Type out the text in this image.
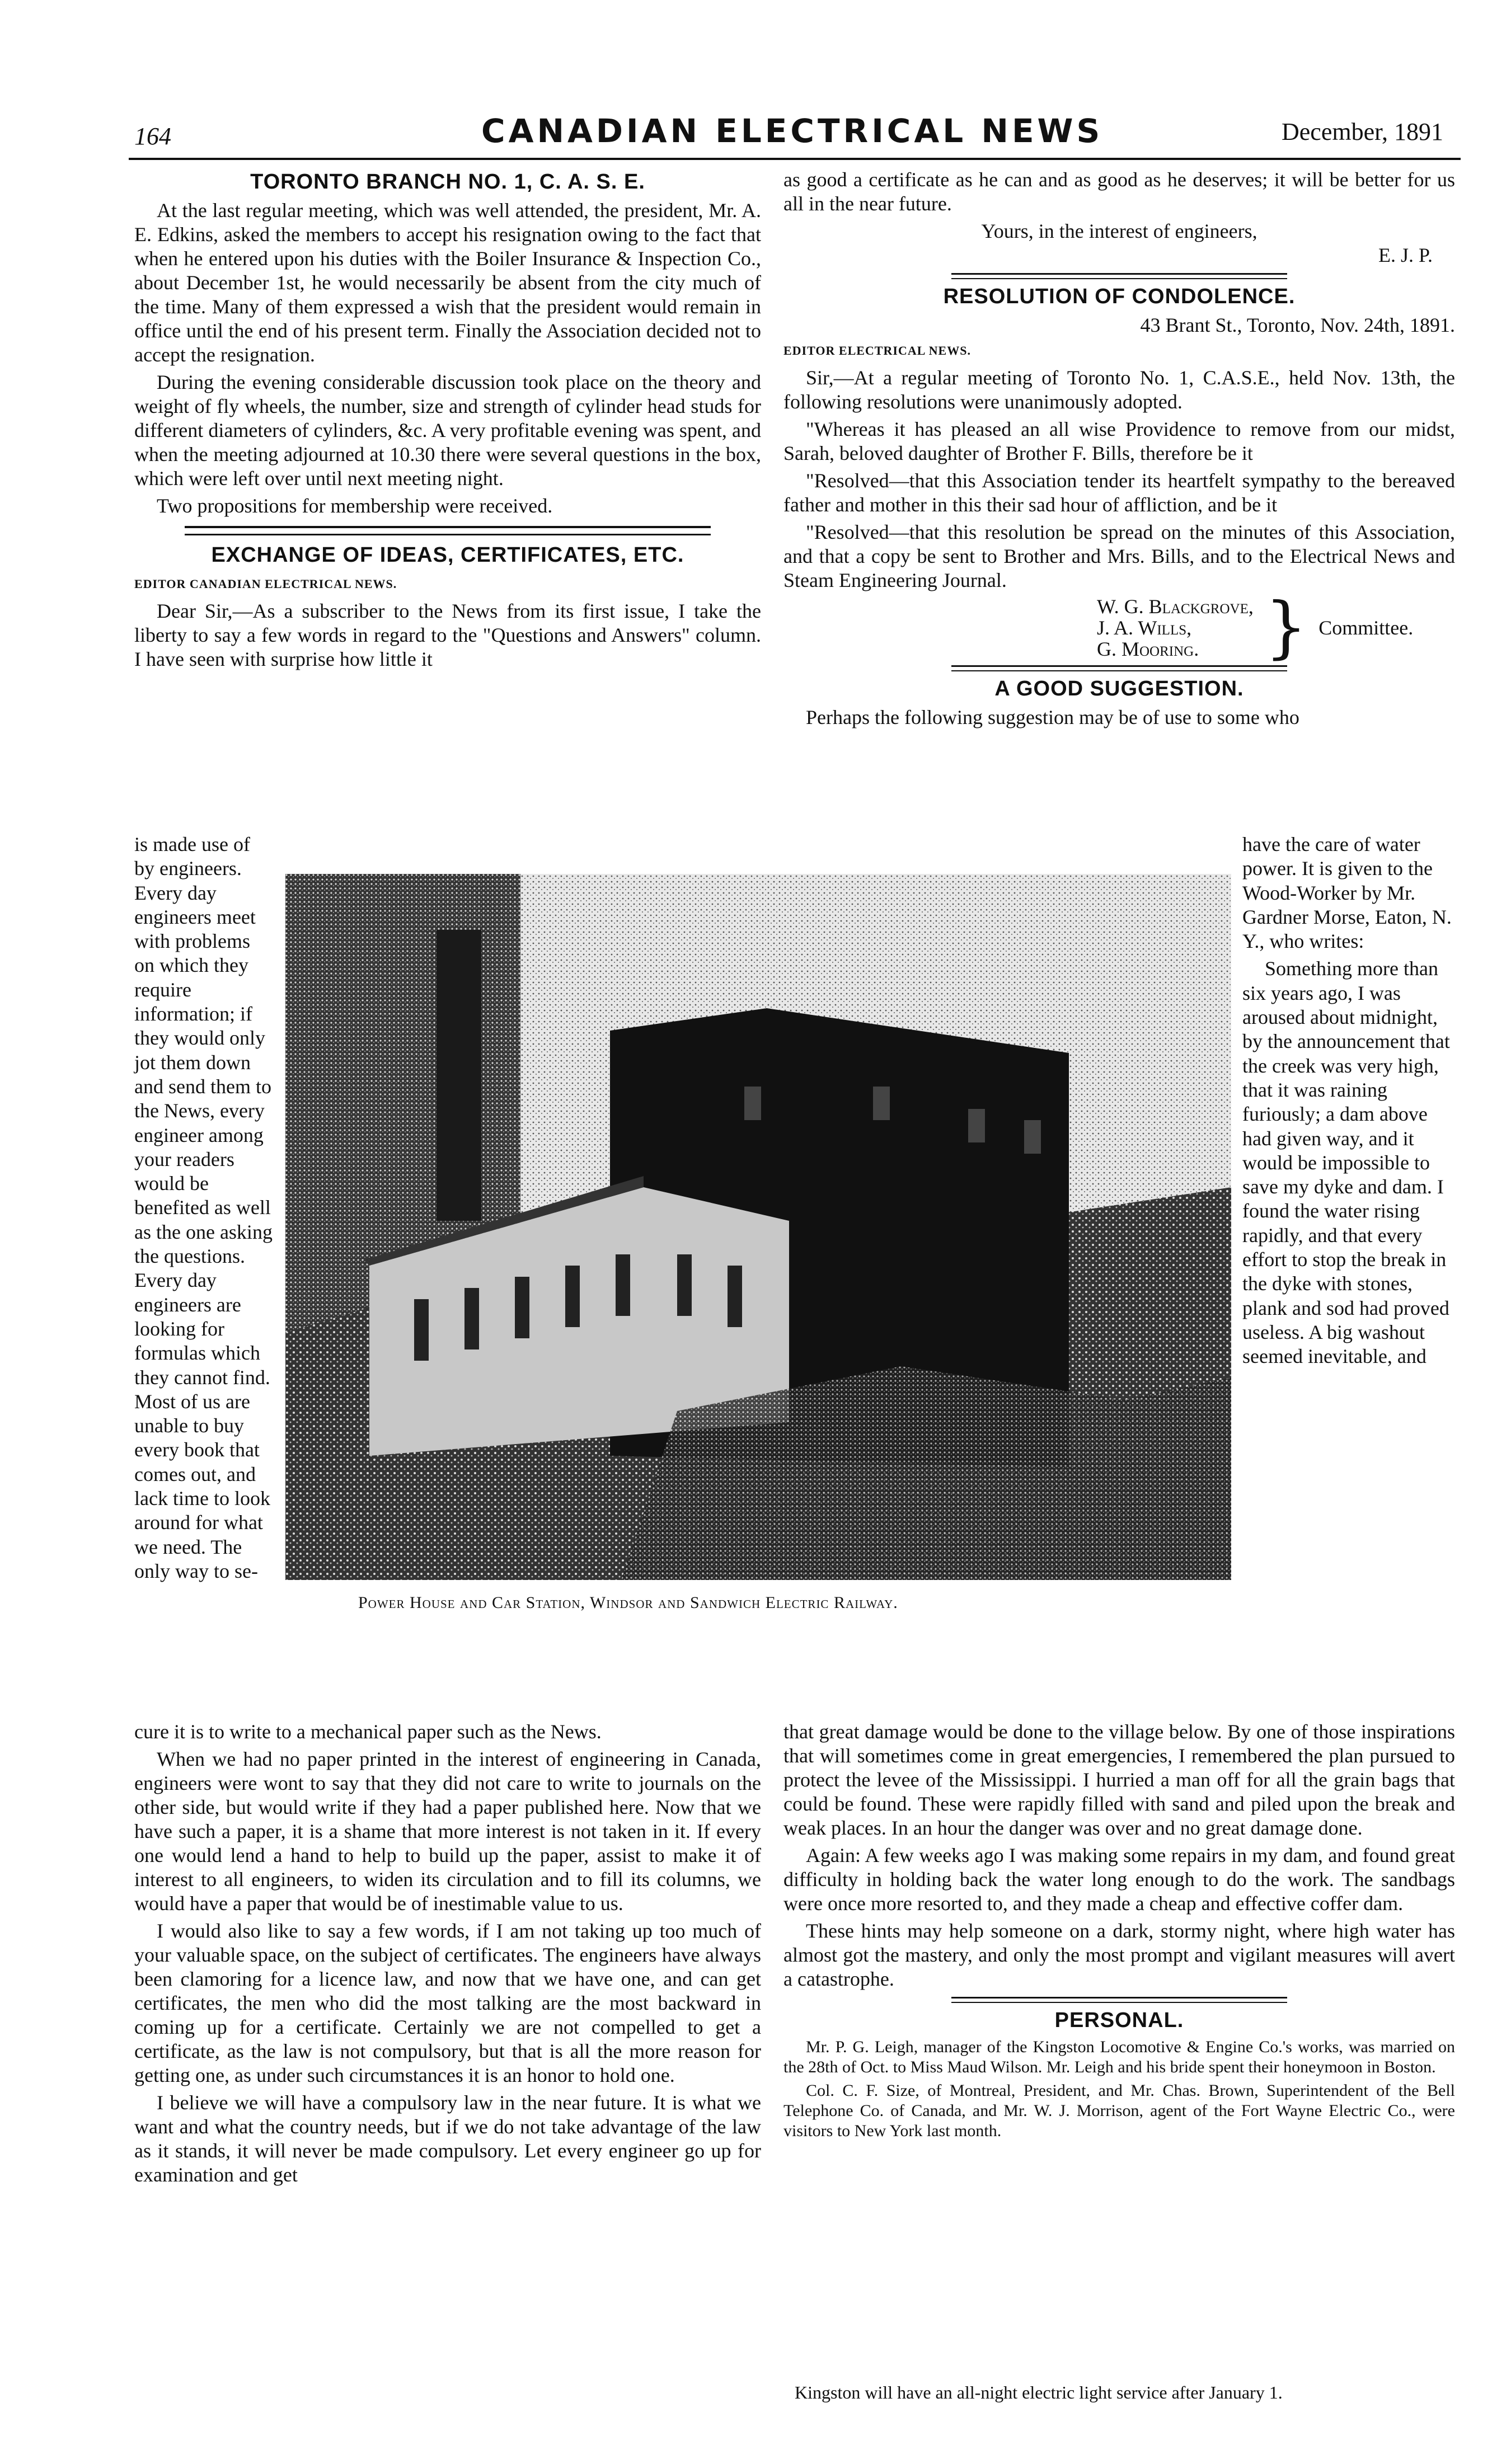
164	CANADIAN ELECTRICAL NEWS	December, 1891
TORONTO BRANCH NO. 1, C. A. S. E.

At the last regular meeting, which was well attended, the president, Mr. A. E. Edkins, asked the members to accept his resignation owing to the fact that when he entered upon his duties with the Boiler Insurance & Inspection Co., about December 1st, he would necessarily be absent from the city much of the time. Many of them expressed a wish that the president would remain in office until the end of his present term. Finally the Association decided not to accept the resignation.

During the evening considerable discussion took place on the theory and weight of fly wheels, the number, size and strength of cylinder head studs for different diameters of cylinders, &c. A very profitable evening was spent, and when the meeting adjourned at 10.30 there were several questions in the box, which were left over until next meeting night.

Two propositions for membership were received.

EXCHANGE OF IDEAS, CERTIFICATES, ETC.
EDITOR CANADIAN ELECTRICAL NEWS.

Dear Sir,—As a subscriber to the News from its first issue, I take the liberty to say a few words in regard to the "Questions and Answers" column. I have seen with surprise how little it

is made use of by engineers. Every day engineers meet with problems on which they require information; if they would only jot them down and send them to the News, every engineer among your readers would be benefited as well as the one asking the questions. Every day engineers are looking for formulas which they cannot find. Most of us are unable to buy every book that comes out, and lack time to look around for what we need. The only way to se-

Power House and Car Station, Windsor and Sandwich Electric Railway.

cure it is to write to a mechanical paper such as the News.

When we had no paper printed in the interest of engineering in Canada, engineers were wont to say that they did not care to write to journals on the other side, but would write if they had a paper published here. Now that we have such a paper, it is a shame that more interest is not taken in it. If every one would lend a hand to help to build up the paper, assist to make it of interest to all engineers, to widen its circulation and to fill its columns, we would have a paper that would be of inestimable value to us.

I would also like to say a few words, if I am not taking up too much of your valuable space, on the subject of certificates. The engineers have always been clamoring for a licence law, and now that we have one, and can get certificates, the men who did the most talking are the most backward in coming up for a certificate. Certainly we are not compelled to get a certificate, as the law is not compulsory, but that is all the more reason for getting one, as under such circumstances it is an honor to hold one.

I believe we will have a compulsory law in the near future. It is what we want and what the country needs, but if we do not take advantage of the law as it stands, it will never be made compulsory. Let every engineer go up for examination and get

as good a certificate as he can and as good as he deserves; it will be better for us all in the near future.

Yours, in the interest of engineers,
E. J. P.
RESOLUTION OF CONDOLENCE.
43 Brant St., Toronto, Nov. 24th, 1891.
EDITOR ELECTRICAL NEWS.

Sir,—At a regular meeting of Toronto No. 1, C.A.S.E., held Nov. 13th, the following resolutions were unanimously adopted.

"Whereas it has pleased an all wise Providence to remove from our midst, Sarah, beloved daughter of Brother F. Bills, therefore be it

"Resolved—that this Association tender its heartfelt sympathy to the bereaved father and mother in this their sad hour of affliction, and be it

"Resolved—that this resolution be spread on the minutes of this Association, and that a copy be sent to Brother and Mrs. Bills, and to the Electrical News and Steam Engineering Journal.

W. G. Blackgrove,
J. A. Wills,
G. Mooring. } Committee.
A GOOD SUGGESTION.

Perhaps the following suggestion may be of use to some who

have the care of water power. It is given to the Wood-Worker by Mr. Gardner Morse, Eaton, N. Y., who writes:

Something more than six years ago, I was aroused about midnight, by the announcement that the creek was very high, that it was raining furiously; a dam above had given way, and it would be impossible to save my dyke and dam. I found the water rising rapidly, and that every effort to stop the break in the dyke with stones, plank and sod had proved useless. A big washout seemed inevitable, and

that great damage would be done to the village below. By one of those inspirations that will sometimes come in great emergencies, I remembered the plan pursued to protect the levee of the Mississippi. I hurried a man off for all the grain bags that could be found. These were rapidly filled with sand and piled upon the break and weak places. In an hour the danger was over and no great damage done.

Again: A few weeks ago I was making some repairs in my dam, and found great difficulty in holding back the water long enough to do the work. The sandbags were once more resorted to, and they made a cheap and effective coffer dam.

These hints may help someone on a dark, stormy night, where high water has almost got the mastery, and only the most prompt and vigilant measures will avert a catastrophe.

PERSONAL.

Mr. P. G. Leigh, manager of the Kingston Locomotive & Engine Co.'s works, was married on the 28th of Oct. to Miss Maud Wilson. Mr. Leigh and his bride spent their honeymoon in Boston.

Col. C. F. Size, of Montreal, President, and Mr. Chas. Brown, Superintendent of the Bell Telephone Co. of Canada, and Mr. W. J. Morrison, agent of the Fort Wayne Electric Co., were visitors to New York last month.

Kingston will have an all-night electric light service after January 1.
